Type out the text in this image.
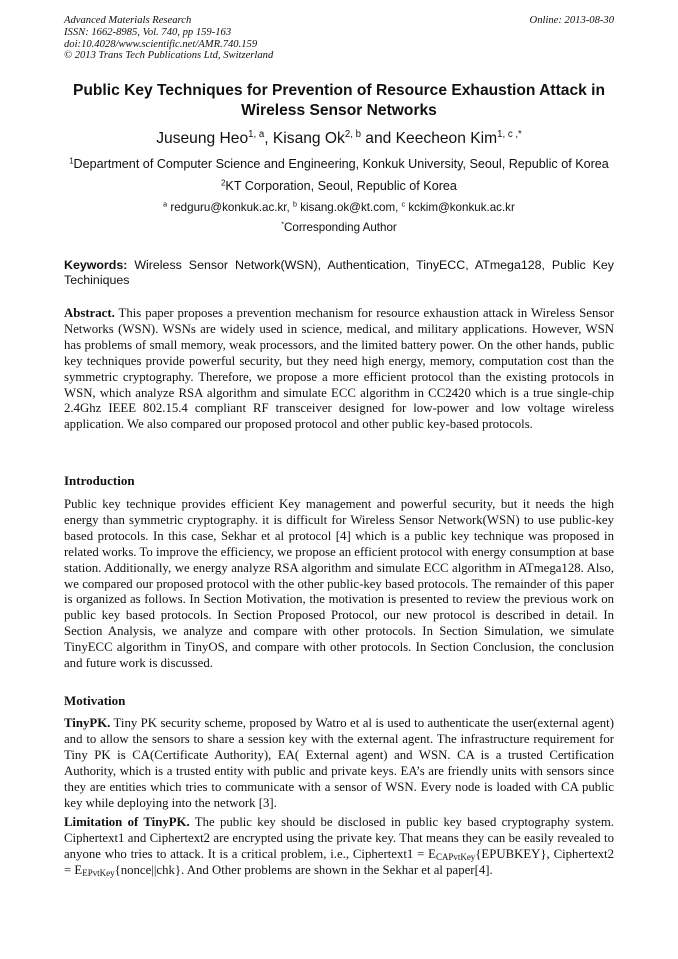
Advanced Materials Research
ISSN: 1662-8985, Vol. 740, pp 159-163
doi:10.4028/www.scientific.net/AMR.740.159
© 2013 Trans Tech Publications Ltd, Switzerland
Online: 2013-08-30
Public Key Techniques for Prevention of Resource Exhaustion Attack in
Wireless Sensor Networks
Juseung Heo$^{1, a}$, Kisang Ok$^{2, b}$ and Keecheon Kim$^{1, c ,*}$
$^1$Department of Computer Science and Engineering, Konkuk University, Seoul, Republic of Korea
$^2$KT Corporation, Seoul, Republic of Korea
$^a$ redguru@konkuk.ac.kr, $^b$ kisang.ok@kt.com, $^c$ kckim@konkuk.ac.kr
*Corresponding Author
Keywords: Wireless Sensor Network(WSN), Authentication, TinyECC, ATmega128, Public Key Techiniques
Abstract. This paper proposes a prevention mechanism for resource exhaustion attack in Wireless Sensor Networks (WSN). WSNs are widely used in science, medical, and military applications. However, WSN has problems of small memory, weak processors, and the limited battery power. On the other hands, public key techniques provide powerful security, but they need high energy, memory, computation cost than the symmetric cryptography. Therefore, we propose a more efficient protocol than the existing protocols in WSN, which analyze RSA algorithm and simulate ECC algorithm in CC2420 which is a true single-chip 2.4Ghz IEEE 802.15.4 compliant RF transceiver designed for low-power and low voltage wireless application. We also compared our proposed protocol and other public key-based protocols.
Introduction
Public key technique provides efficient Key management and powerful security, but it needs the high energy than symmetric cryptography. it is difficult for Wireless Sensor Network(WSN) to use public-key based protocols. In this case, Sekhar et al protocol [4] which is a public key technique was proposed in related works. To improve the efficiency, we propose an efficient protocol with energy consumption at base station. Additionally, we energy analyze RSA algorithm and simulate ECC algorithm in ATmega128. Also, we compared our proposed protocol with the other public-key based protocols. The remainder of this paper is organized as follows. In Section Motivation, the motivation is presented to review the previous work on public key based protocols. In Section Proposed Protocol, our new protocol is described in detail. In Section Analysis, we analyze and compare with other protocols. In Section Simulation, we simulate TinyECC algorithm in TinyOS, and compare with other protocols. In Section Conclusion, the conclusion and future work is discussed.
Motivation
TinyPK. Tiny PK security scheme, proposed by Watro et al is used to authenticate the user(external agent) and to allow the sensors to share a session key with the external agent. The infrastructure requirement for Tiny PK is CA(Certificate Authority), EA( External agent) and WSN. CA is a trusted Certification Authority, which is a trusted entity with public and private keys. EA’s are friendly units with sensors since they are entities which tries to communicate with a sensor of WSN. Every node is loaded with CA public key while deploying into the network [3].
Limitation of TinyPK. The public key should be disclosed in public key based cryptography system. Ciphertext1 and Ciphertext2 are encrypted using the private key. That means they can be easily revealed to anyone who tries to attack. It is a critical problem, i.e., Ciphertext1 = $E_{CAPvtKey}\{EPUBKEY\}$, Ciphertext2 = $E_{EPvtKey}\{nonce||chk\}$. And Other problems are shown in the Sekhar et al paper[4].
